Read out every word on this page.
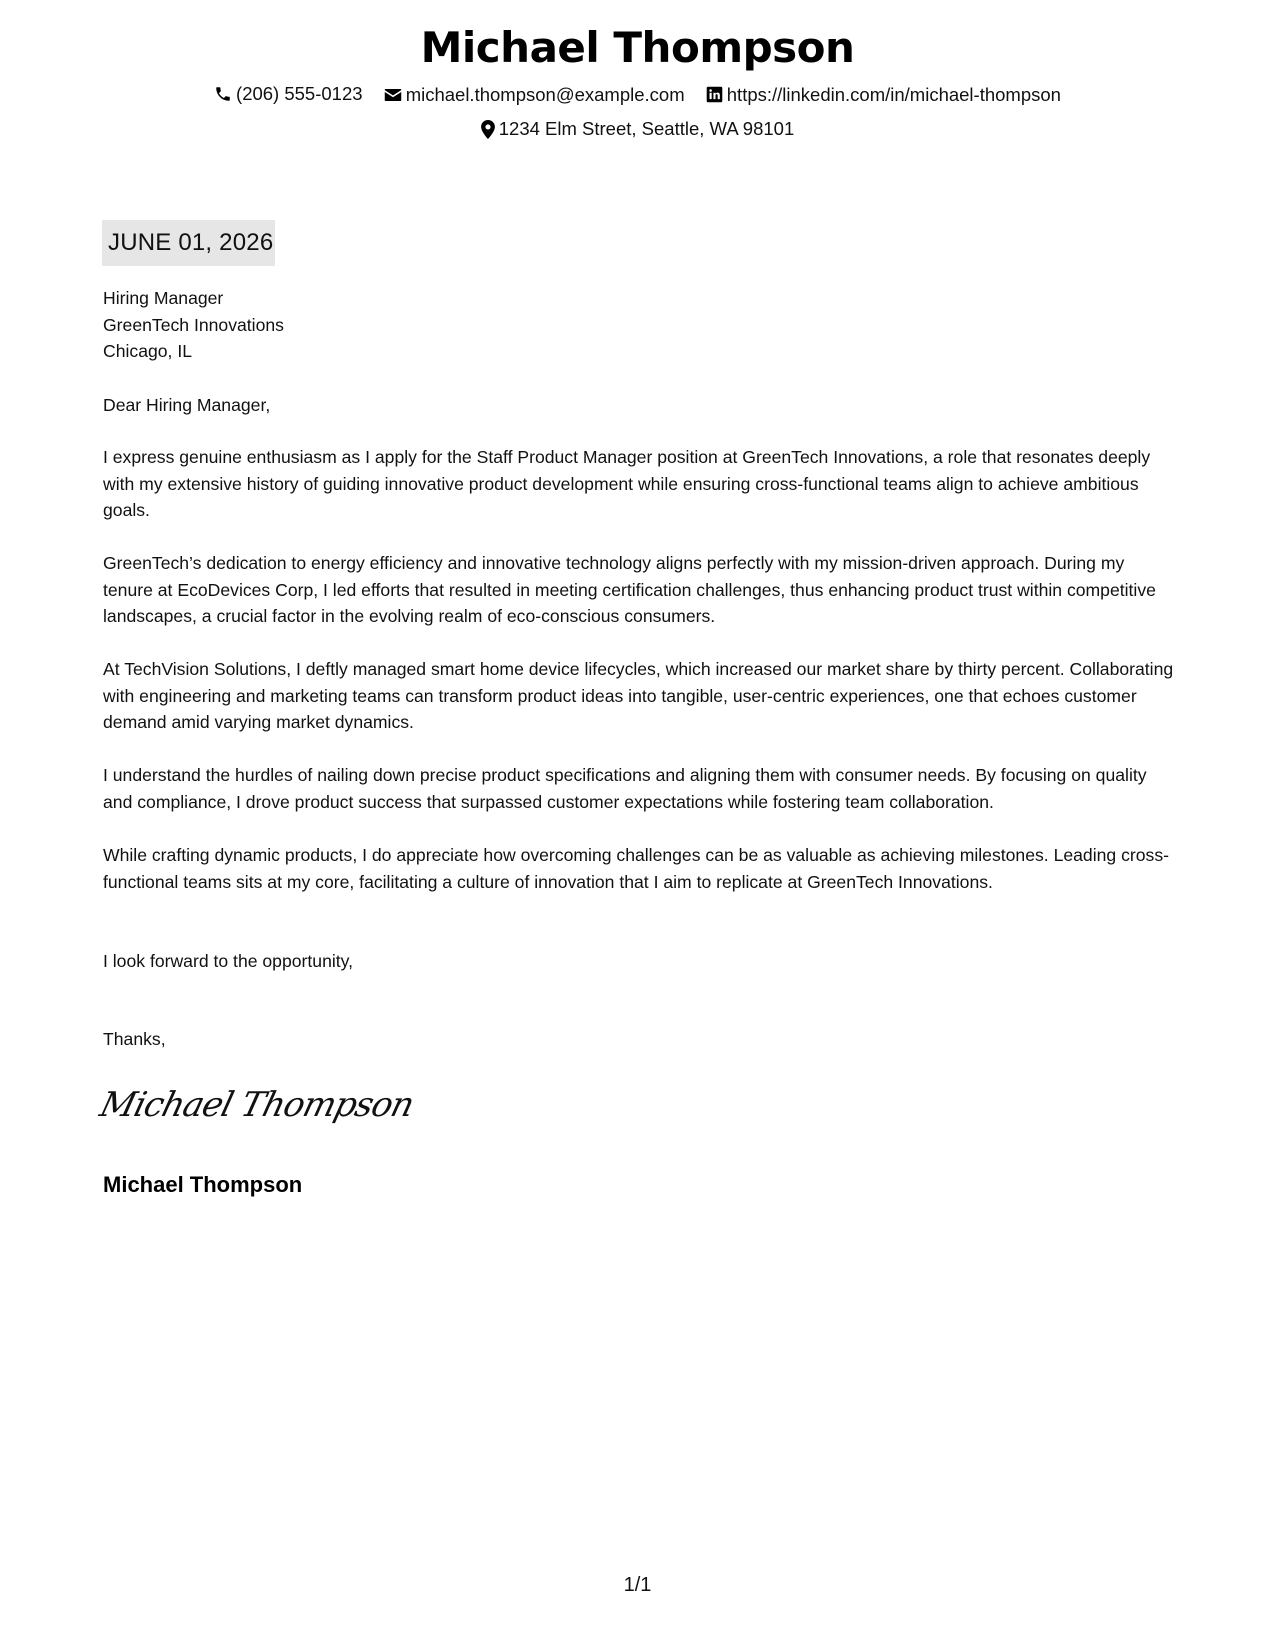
Michael Thompson
(206) 555-0123
michael.thompson@example.com
https://linkedin.com/in/michael-thompson
1234 Elm Street, Seattle, WA 98101
JUNE 01, 2026
Hiring Manager
GreenTech Innovations
Chicago, IL
Dear Hiring Manager,

I express genuine enthusiasm as I apply for the Staff Product Manager position at GreenTech Innovations, a role that resonates deeply with my extensive history of guiding innovative product development while ensuring cross-functional teams align to achieve ambitious goals.

GreenTech’s dedication to energy efficiency and innovative technology aligns perfectly with my mission-driven approach. During my tenure at EcoDevices Corp, I led efforts that resulted in meeting certification challenges, thus enhancing product trust within competitive landscapes, a crucial factor in the evolving realm of eco-conscious consumers.

At TechVision Solutions, I deftly managed smart home device lifecycles, which increased our market share by thirty percent. Collaborating with engineering and marketing teams can transform product ideas into tangible, user-centric experiences, one that echoes customer demand amid varying market dynamics.

I understand the hurdles of nailing down precise product specifications and aligning them with consumer needs. By focusing on quality and compliance, I drove product success that surpassed customer expectations while fostering team collaboration.

While crafting dynamic products, I do appreciate how overcoming challenges can be as valuable as achieving milestones. Leading cross-functional teams sits at my core, facilitating a culture of innovation that I aim to replicate at GreenTech Innovations.

I look forward to the opportunity,
Thanks,
Michael Thompson
Michael Thompson
1/1
